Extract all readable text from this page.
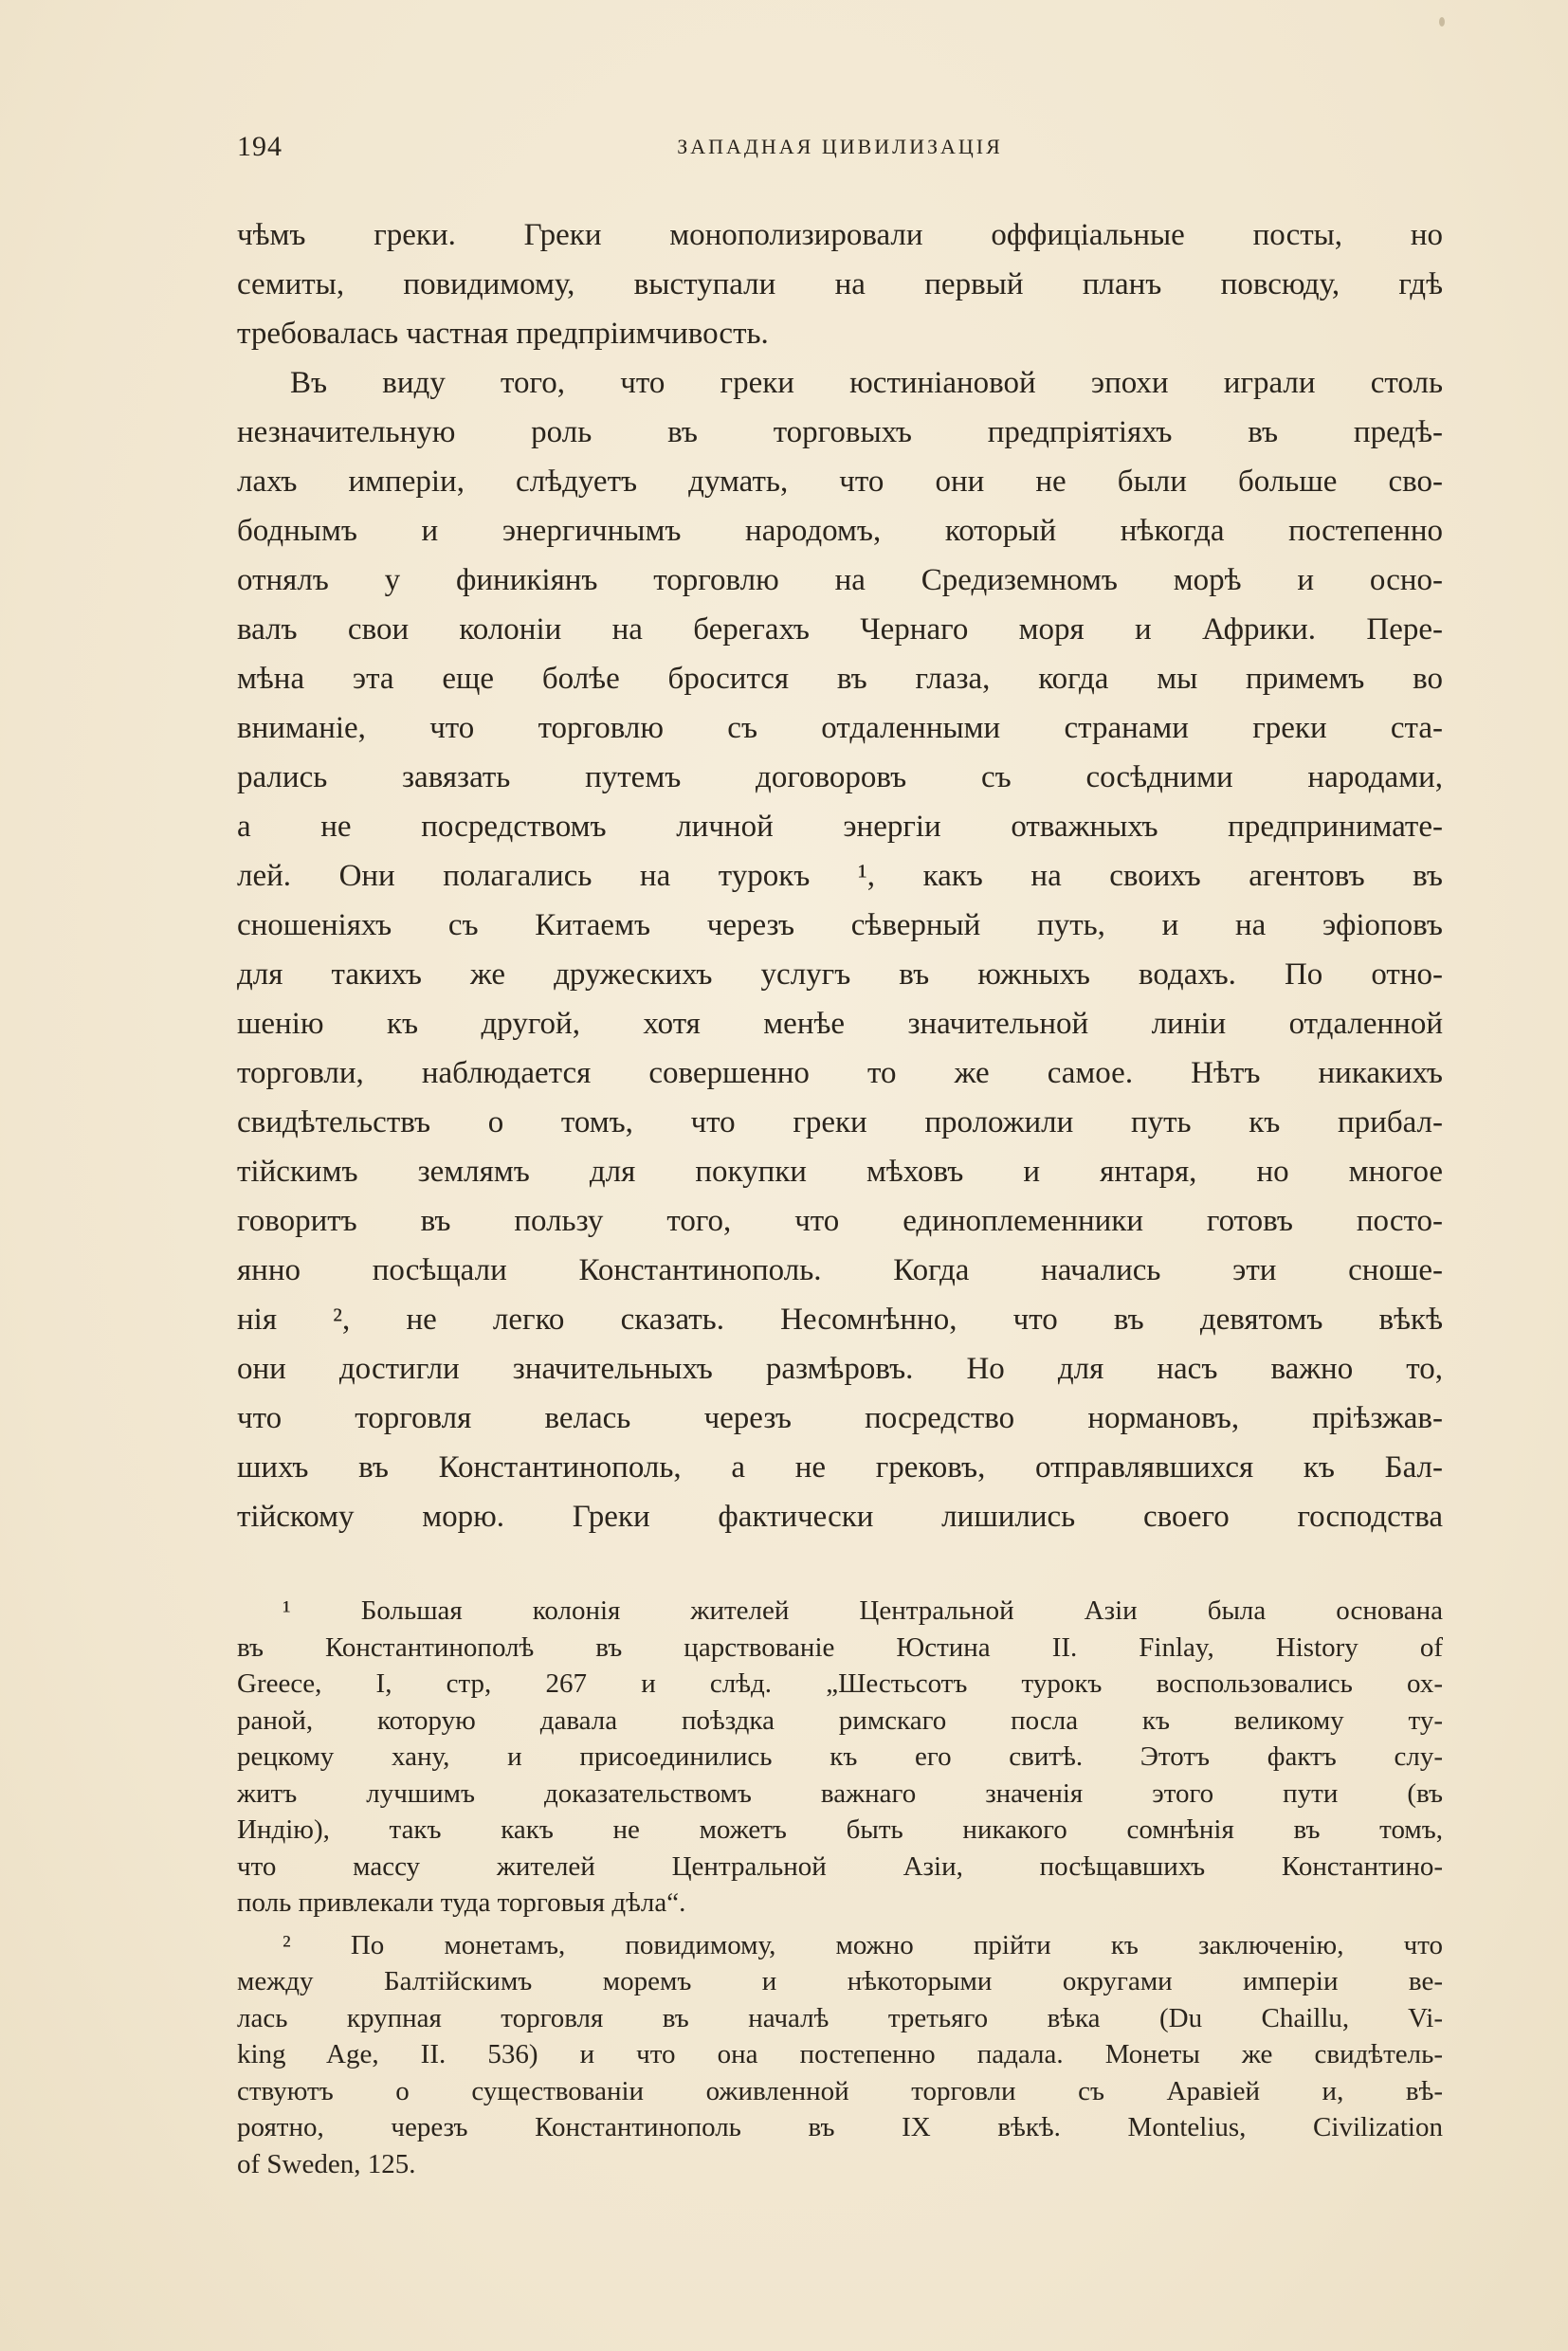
194	ЗАПАДНАЯ ЦИВИЛИЗАЦІЯ
чѣмъ греки. Греки монополизировали оффиціальные посты, но
семиты, повидимому, выступали на первый планъ повсюду, гдѣ
требовалась частная предпріимчивость.
Въ виду того, что греки юстиніановой эпохи играли столь
незначительную роль въ торговыхъ предпріятіяхъ въ предѣ-
лахъ имперіи, слѣдуетъ думать, что они не были больше сво-
боднымъ и энергичнымъ народомъ, который нѣкогда постепенно
отнялъ у финикіянъ торговлю на Средиземномъ морѣ и осно-
валъ свои колоніи на берегахъ Чернаго моря и Африки. Пере-
мѣна эта еще болѣе бросится въ глаза, когда мы примемъ во
вниманіе, что торговлю съ отдаленными странами греки ста-
рались завязать путемъ договоровъ съ сосѣдними народами,
а не посредствомъ личной энергіи отважныхъ предпринимате-
лей. Они полагались на турокъ ¹, какъ на своихъ агентовъ въ
сношеніяхъ съ Китаемъ черезъ сѣверный путь, и на эфіоповъ
для такихъ же дружескихъ услугъ въ южныхъ водахъ. По отно-
шенію къ другой, хотя менѣе значительной линіи отдаленной
торговли, наблюдается совершенно то же самое. Нѣтъ никакихъ
свидѣтельствъ о томъ, что греки проложили путь къ прибал-
тійскимъ землямъ для покупки мѣховъ и янтаря, но многое
говоритъ въ пользу того, что единоплеменники готовъ посто-
янно посѣщали Константинополь. Когда начались эти сноше-
нія ², не легко сказать. Несомнѣнно, что въ девятомъ вѣкѣ
они достигли значительныхъ размѣровъ. Но для насъ важно то,
что торговля велась черезъ посредство нормановъ, пріѣзжав-
шихъ въ Константинополь, а не грековъ, отправлявшихся къ Бал-
тійскому морю. Греки фактически лишились своего господства
¹ Большая колонія жителей Центральной Азіи была основана
въ Константинополѣ въ царствованіе Юстина II. Finlay, History of
Greece, I, стр, 267 и слѣд. „Шестьсотъ турокъ воспользовались ох-
раной, которую давала поѣздка римскаго посла къ великому ту-
рецкому хану, и присоединились къ его свитѣ. Этотъ фактъ слу-
житъ лучшимъ доказательствомъ важнаго значенія этого пути (въ
Индію), такъ какъ не можетъ быть никакого сомнѣнія въ томъ,
что массу жителей Центральной Азіи, посѣщавшихъ Константино-
поль привлекали туда торговыя дѣла“.
² По монетамъ, повидимому, можно прійти къ заключенію, что
между Балтійскимъ моремъ и нѣкоторыми округами имперіи ве-
лась крупная торговля въ началѣ третьяго вѣка (Du Chaillu, Vi-
king Age, II. 536) и что она постепенно падала. Монеты же свидѣтель-
ствуютъ о существованіи оживленной торговли съ Аравіей и, вѣ-
роятно, черезъ Константинополь въ IX вѣкѣ. Montelius, Civilization
of Sweden, 125.
